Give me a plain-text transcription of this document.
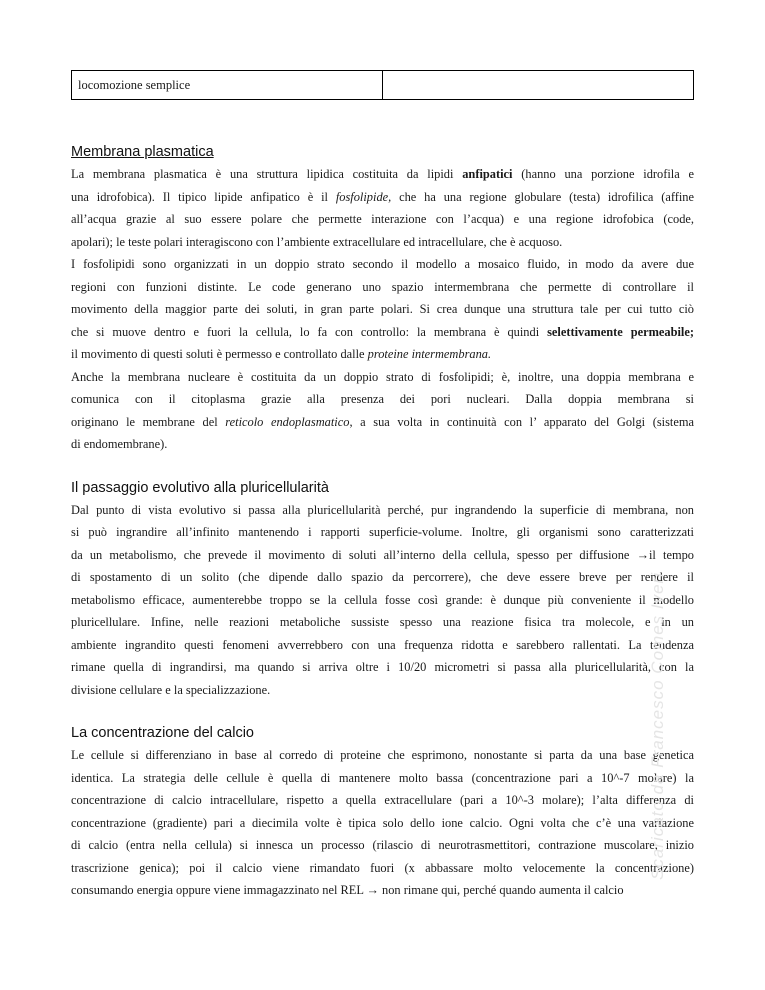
locomozione semplice	
Membrana plasmatica

La membrana plasmatica è una struttura lipidica costituita da lipidi anfipatici (hanno una porzione idrofila e
una idrofobica). Il tipico lipide anfipatico è il fosfolipide, che ha una regione globulare (testa) idrofilica (affine
all’acqua grazie al suo essere polare che permette interazione con l’acqua) e una regione idrofobica (code,
apolari); le teste polari interagiscono con l’ambiente extracellulare ed intracellulare, che è acquoso.

I fosfolipidi sono organizzati in un doppio strato secondo il modello a mosaico fluido, in modo da avere due
regioni con funzioni distinte. Le code generano uno spazio intermembrana che permette di controllare il
movimento della maggior parte dei soluti, in gran parte polari. Si crea dunque una struttura tale per cui tutto ciò
che si muove dentro e fuori la cellula, lo fa con controllo: la membrana è quindi selettivamente permeabile;
il movimento di questi soluti è permesso e controllato dalle proteine intermembrana.

Anche la membrana nucleare è costituita da un doppio strato di fosfolipidi; è, inoltre, una doppia membrana e
comunica con il citoplasma grazie alla presenza dei pori nucleari. Dalla doppia membrana si
originano le membrane del reticolo endoplasmatico, a sua volta in continuità con l’ apparato del Golgi (sistema
di endomembrane).

Il passaggio evolutivo alla pluricellularità

Dal punto di vista evolutivo si passa alla pluricellularità perché, pur ingrandendo la superficie di membrana, non
si può ingrandire all’infinito mantenendo i rapporti superficie-volume. Inoltre, gli organismi sono caratterizzati
da un metabolismo, che prevede il movimento di soluti all’interno della cellula, spesso per diffusione →il tempo
di spostamento di un solito (che dipende dallo spazio da percorrere), che deve essere breve per rendere il
metabolismo efficace, aumenterebbe troppo se la cellula fosse così grande: è dunque più conveniente il modello
pluricellulare. Infine, nelle reazioni metaboliche sussiste spesso una reazione fisica tra molecole, e in un
ambiente ingrandito questi fenomeni avverrebbero con una frequenza ridotta e sarebbero rallentati. La tendenza
rimane quella di ingrandirsi, ma quando si arriva oltre i 10/20 micrometri si passa alla pluricellularità, con la
divisione cellulare e la specializzazione.

La concentrazione del calcio

Le cellule si differenziano in base al corredo di proteine che esprimono, nonostante si parta da una base genetica
identica. La strategia delle cellule è quella di mantenere molto bassa (concentrazione pari a 10^-7 molare) la
concentrazione di calcio intracellulare, rispetto a quella extracellulare (pari a 10^-3 molare); l’alta differenza di
concentrazione (gradiente) pari a diecimila volte è tipica solo dello ione calcio. Ogni volta che c’è una variazione
di calcio (entra nella cellula) si innesca un processo (rilascio di neurotrasmettitori, contrazione muscolare, inizio
trascrizione genica); poi il calcio viene rimandato fuori (x abbassare molto velocemente la concentrazione)
consumando energia oppure viene immagazzinato nel REL → non rimane qui, perché quando aumenta il calcio

Scaricato da Francesco Comes Iveri
